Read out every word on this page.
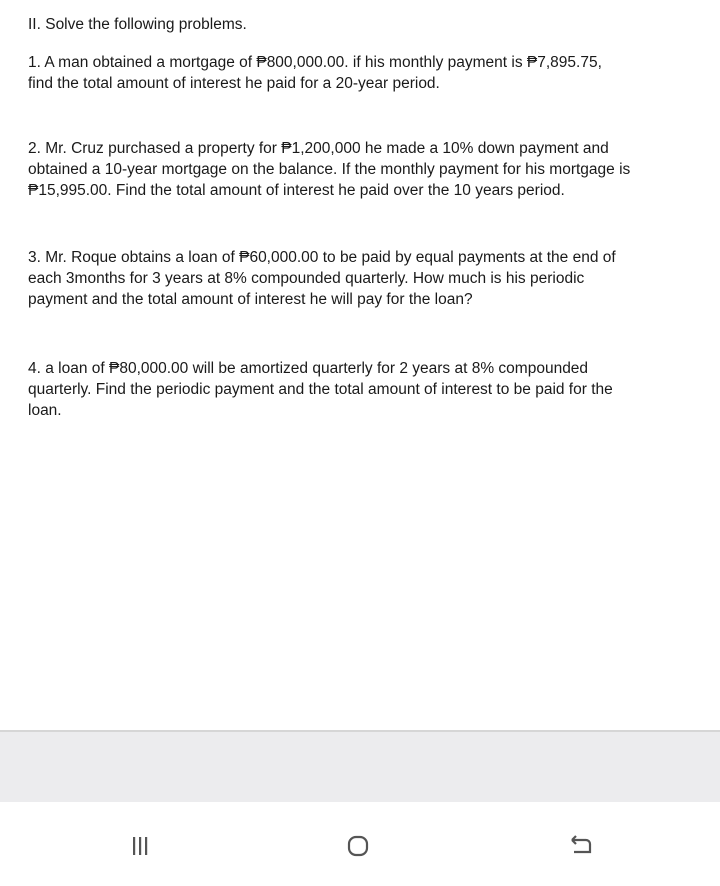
II. Solve the following problems.
1. A man obtained a mortgage of ₱800,000.00. if his monthly payment is ₱7,895.75,
find the total amount of interest he paid for a 20-year period.
2. Mr. Cruz purchased a property for ₱1,200,000 he made a 10% down payment and
obtained a 10-year mortgage on the balance. If the monthly payment for his mortgage is
₱15,995.00. Find the total amount of interest he paid over the 10 years period.
3. Mr. Roque obtains a loan of ₱60,000.00 to be paid by equal payments at the end of
each 3months for 3 years at 8% compounded quarterly. How much is his periodic
payment and the total amount of interest he will pay for the loan?
4. a loan of ₱80,000.00 will be amortized quarterly for 2 years at 8% compounded
quarterly. Find the periodic payment and the total amount of interest to be paid for the
loan.
